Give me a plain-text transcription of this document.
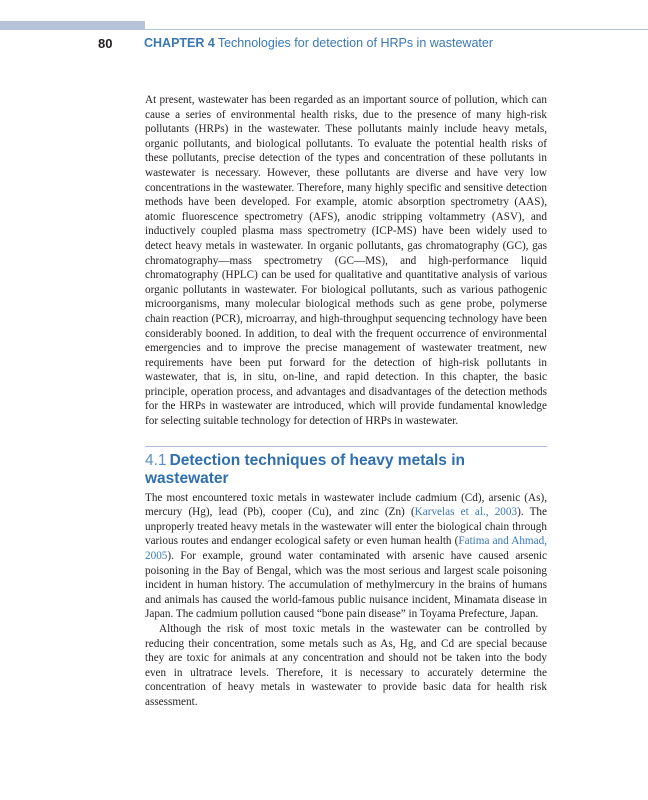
80	CHAPTER 4 Technologies for detection of HRPs in wastewater

At present, wastewater has been regarded as an important source of pollution, which can cause a series of environmental health risks, due to the presence of many high-risk pollutants (HRPs) in the wastewater. These pollutants mainly include heavy metals, organic pollutants, and biological pollutants. To evaluate the potential health risks of these pollutants, precise detection of the types and concentration of these pollutants in wastewater is necessary. However, these pollutants are diverse and have very low concentrations in the wastewater. Therefore, many highly specific and sensitive detection methods have been developed. For example, atomic absorption spectrometry (AAS), atomic fluorescence spectrometry (AFS), anodic stripping voltammetry (ASV), and inductively coupled plasma mass spectrometry (ICP-MS) have been widely used to detect heavy metals in wastewater. In organic pollutants, gas chromatography (GC), gas chromatography—mass spectrometry (GC—MS), and high-performance liquid chromatography (HPLC) can be used for qualitative and quantitative analysis of various organic pollutants in wastewater. For biological pollutants, such as various pathogenic microorganisms, many molecular biological methods such as gene probe, polymerse chain reaction (PCR), microarray, and high-throughput sequencing technology have been considerably booned. In addition, to deal with the frequent occurrence of environmental emergencies and to improve the precise management of wastewater treatment, new requirements have been put forward for the detection of high-risk pollutants in wastewater, that is, in situ, on-line, and rapid detection. In this chapter, the basic principle, operation process, and advantages and disadvantages of the detection methods for the HRPs in wastewater are introduced, which will provide fundamental knowledge for selecting suitable technology for detection of HRPs in wastewater.

4.1 Detection techniques of heavy metals in wastewater

The most encountered toxic metals in wastewater include cadmium (Cd), arsenic (As), mercury (Hg), lead (Pb), cooper (Cu), and zinc (Zn) (Karvelas et al., 2003). The unproperly treated heavy metals in the wastewater will enter the biological chain through various routes and endanger ecological safety or even human health (Fatima and Ahmad, 2005). For example, ground water contaminated with arsenic have caused arsenic poisoning in the Bay of Bengal, which was the most serious and largest scale poisoning incident in human history. The accumulation of methylmercury in the brains of humans and animals has caused the world-famous public nuisance incident, Minamata disease in Japan. The cadmium pollution caused “bone pain disease” in Toyama Prefecture, Japan.

Although the risk of most toxic metals in the wastewater can be controlled by reducing their concentration, some metals such as As, Hg, and Cd are special because they are toxic for animals at any concentration and should not be taken into the body even in ultratrace levels. Therefore, it is necessary to accurately determine the concentration of heavy metals in wastewater to provide basic data for health risk assessment.
